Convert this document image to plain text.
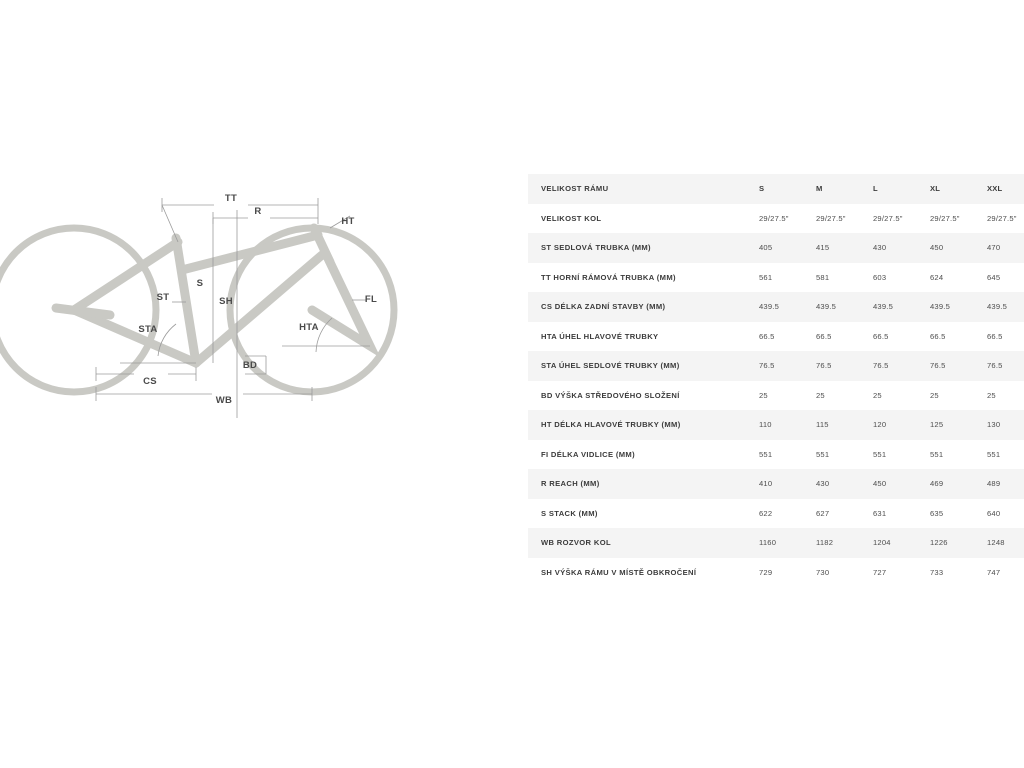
TT
R
HT
ST
S
SH	FL
STA	HTA
BD
CS
WB
VELIKOST RÁMU	S	M	L	XL	XXL
VELIKOST KOL	29/27.5"	29/27.5"	29/27.5"	29/27.5"	29/27.5"
ST SEDLOVÁ TRUBKA (MM)	405	415	430	450	470
TT HORNÍ RÁMOVÁ TRUBKA (MM)	561	581	603	624	645
CS DÉLKA ZADNÍ STAVBY (MM)	439.5	439.5	439.5	439.5	439.5
HTA ÚHEL HLAVOVÉ TRUBKY	66.5	66.5	66.5	66.5	66.5
STA ÚHEL SEDLOVÉ TRUBKY (MM)	76.5	76.5	76.5	76.5	76.5
BD VÝŠKA STŘEDOVÉHO SLOŽENÍ	25	25	25	25	25
HT DÉLKA HLAVOVÉ TRUBKY (MM)	110	115	120	125	130
FI DÉLKA VIDLICE (MM)	551	551	551	551	551
R REACH (MM)	410	430	450	469	489
S STACK (MM)	622	627	631	635	640
WB ROZVOR KOL	1160	1182	1204	1226	1248
SH VÝŠKA RÁMU V MÍSTĚ OBKROČENÍ	729	730	727	733	747
